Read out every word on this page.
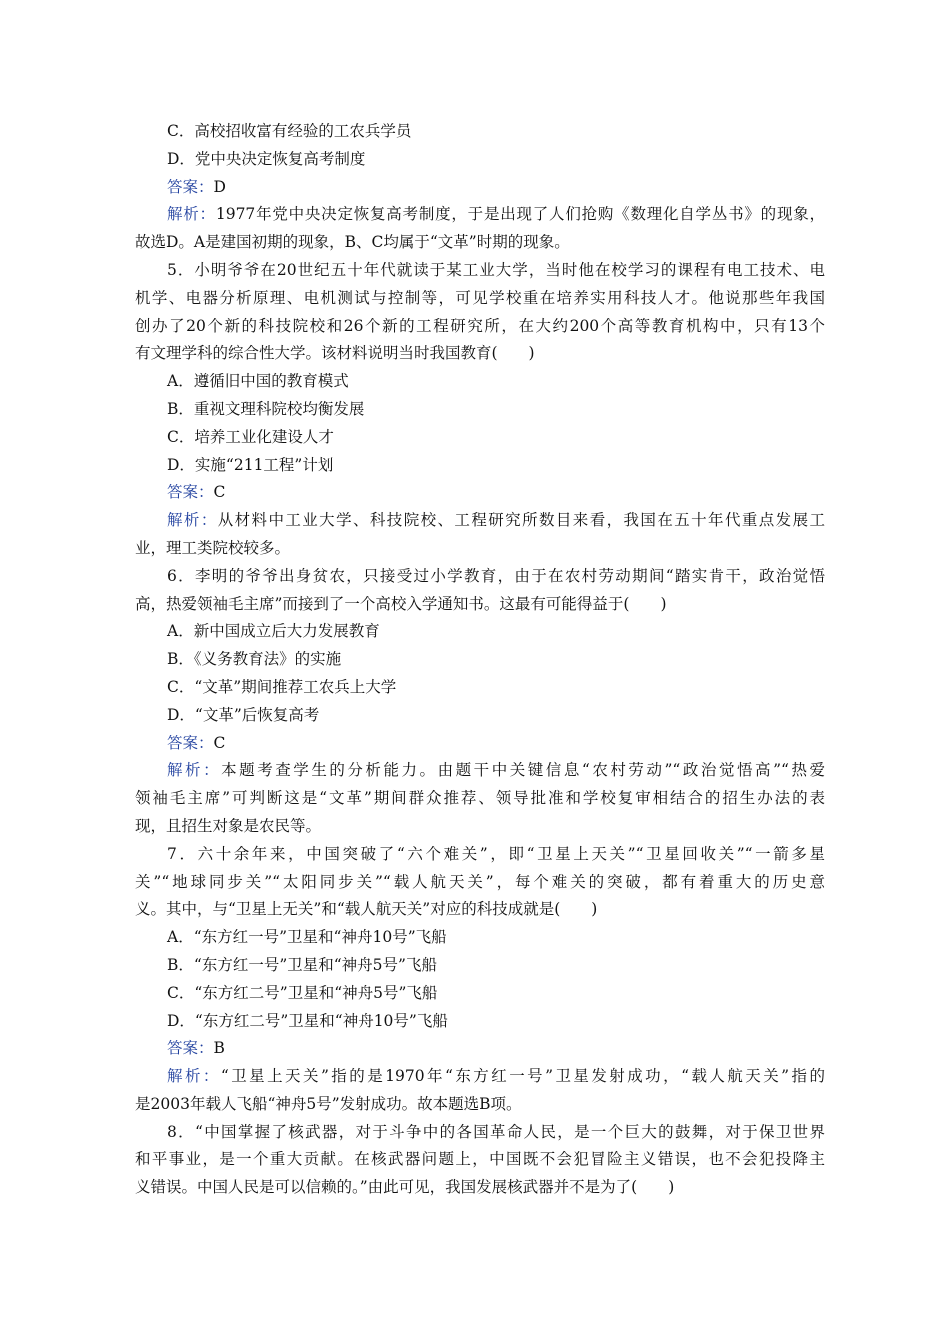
C．高校招收富有经验的工农兵学员
D．党中央决定恢复高考制度
答案：D
解析：1977年党中央决定恢复高考制度，于是出现了人们抢购《数理化自学丛书》的现象，
故选D。A是建国初期的现象，B、C均属于“文革”时期的现象。
5．小明爷爷在20世纪五十年代就读于某工业大学，当时他在校学习的课程有电工技术、电
机学、电器分析原理、电机测试与控制等，可见学校重在培养实用科技人才。他说那些年我国
创办了20个新的科技院校和26个新的工程研究所，在大约200个高等教育机构中，只有13个
有文理学科的综合性大学。该材料说明当时我国教育(　　)
A．遵循旧中国的教育模式
B．重视文理科院校均衡发展
C．培养工业化建设人才
D．实施“211工程”计划
答案：C
解析：从材料中工业大学、科技院校、工程研究所数目来看，我国在五十年代重点发展工
业，理工类院校较多。
6．李明的爷爷出身贫农，只接受过小学教育，由于在农村劳动期间“踏实肯干，政治觉悟
高，热爱领袖毛主席”而接到了一个高校入学通知书。这最有可能得益于(　　)
A．新中国成立后大力发展教育
B．《义务教育法》的实施
C．“文革”期间推荐工农兵上大学
D．“文革”后恢复高考
答案：C
解析：本题考查学生的分析能力。由题干中关键信息“农村劳动”“政治觉悟高”“热爱
领袖毛主席”可判断这是“文革”期间群众推荐、领导批准和学校复审相结合的招生办法的表
现，且招生对象是农民等。
7．六十余年来，中国突破了“六个难关”，即“卫星上天关”“卫星回收关”“一箭多星
关”“地球同步关”“太阳同步关”“载人航天关”，每个难关的突破，都有着重大的历史意
义。其中，与“卫星上无关”和“载人航天关”对应的科技成就是(　　)
A．“东方红一号”卫星和“神舟10号”飞船
B．“东方红一号”卫星和“神舟5号”飞船
C．“东方红二号”卫星和“神舟5号”飞船
D．“东方红二号”卫星和“神舟10号”飞船
答案：B
解析：“卫星上天关”指的是1970年“东方红一号”卫星发射成功，“载人航天关”指的
是2003年载人飞船“神舟5号”发射成功。故本题选B项。
8．“中国掌握了核武器，对于斗争中的各国革命人民，是一个巨大的鼓舞，对于保卫世界
和平事业，是一个重大贡献。在核武器问题上，中国既不会犯冒险主义错误，也不会犯投降主
义错误。中国人民是可以信赖的。”由此可见，我国发展核武器并不是为了(　　)
